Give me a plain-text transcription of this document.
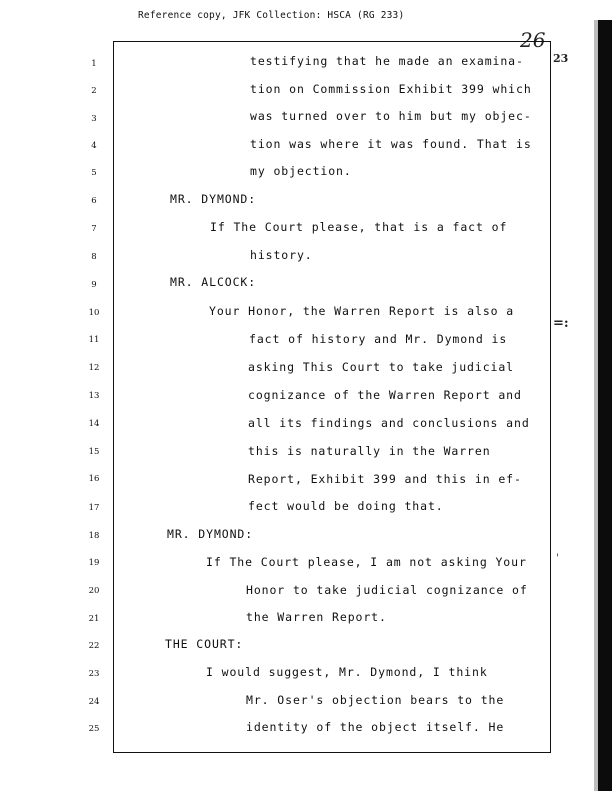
Reference copy, JFK Collection: HSCA (RG 233)
26
23
=:
'
1
2
3
4
5
6
7
8
9
10
11
12
13
14
15
16
17
18
19
20
21
22
23
24
25
testifying that he made an examina-
tion on Commission Exhibit 399 which
was turned over to him but my objec-
tion was where it was found. That is
my objection.
MR. DYMOND:
If The Court please, that is a fact of
history.
MR. ALCOCK:
Your Honor, the Warren Report is also a
fact of history and Mr. Dymond is
asking This Court to take judicial
cognizance of the Warren Report and
all its findings and conclusions and
this is naturally in the Warren
Report, Exhibit 399 and this in ef-
fect would be doing that.
MR. DYMOND:
If The Court please, I am not asking Your
Honor to take judicial cognizance of
the Warren Report.
THE COURT:
I would suggest, Mr. Dymond, I think
Mr. Oser's objection bears to the
identity of the object itself. He
